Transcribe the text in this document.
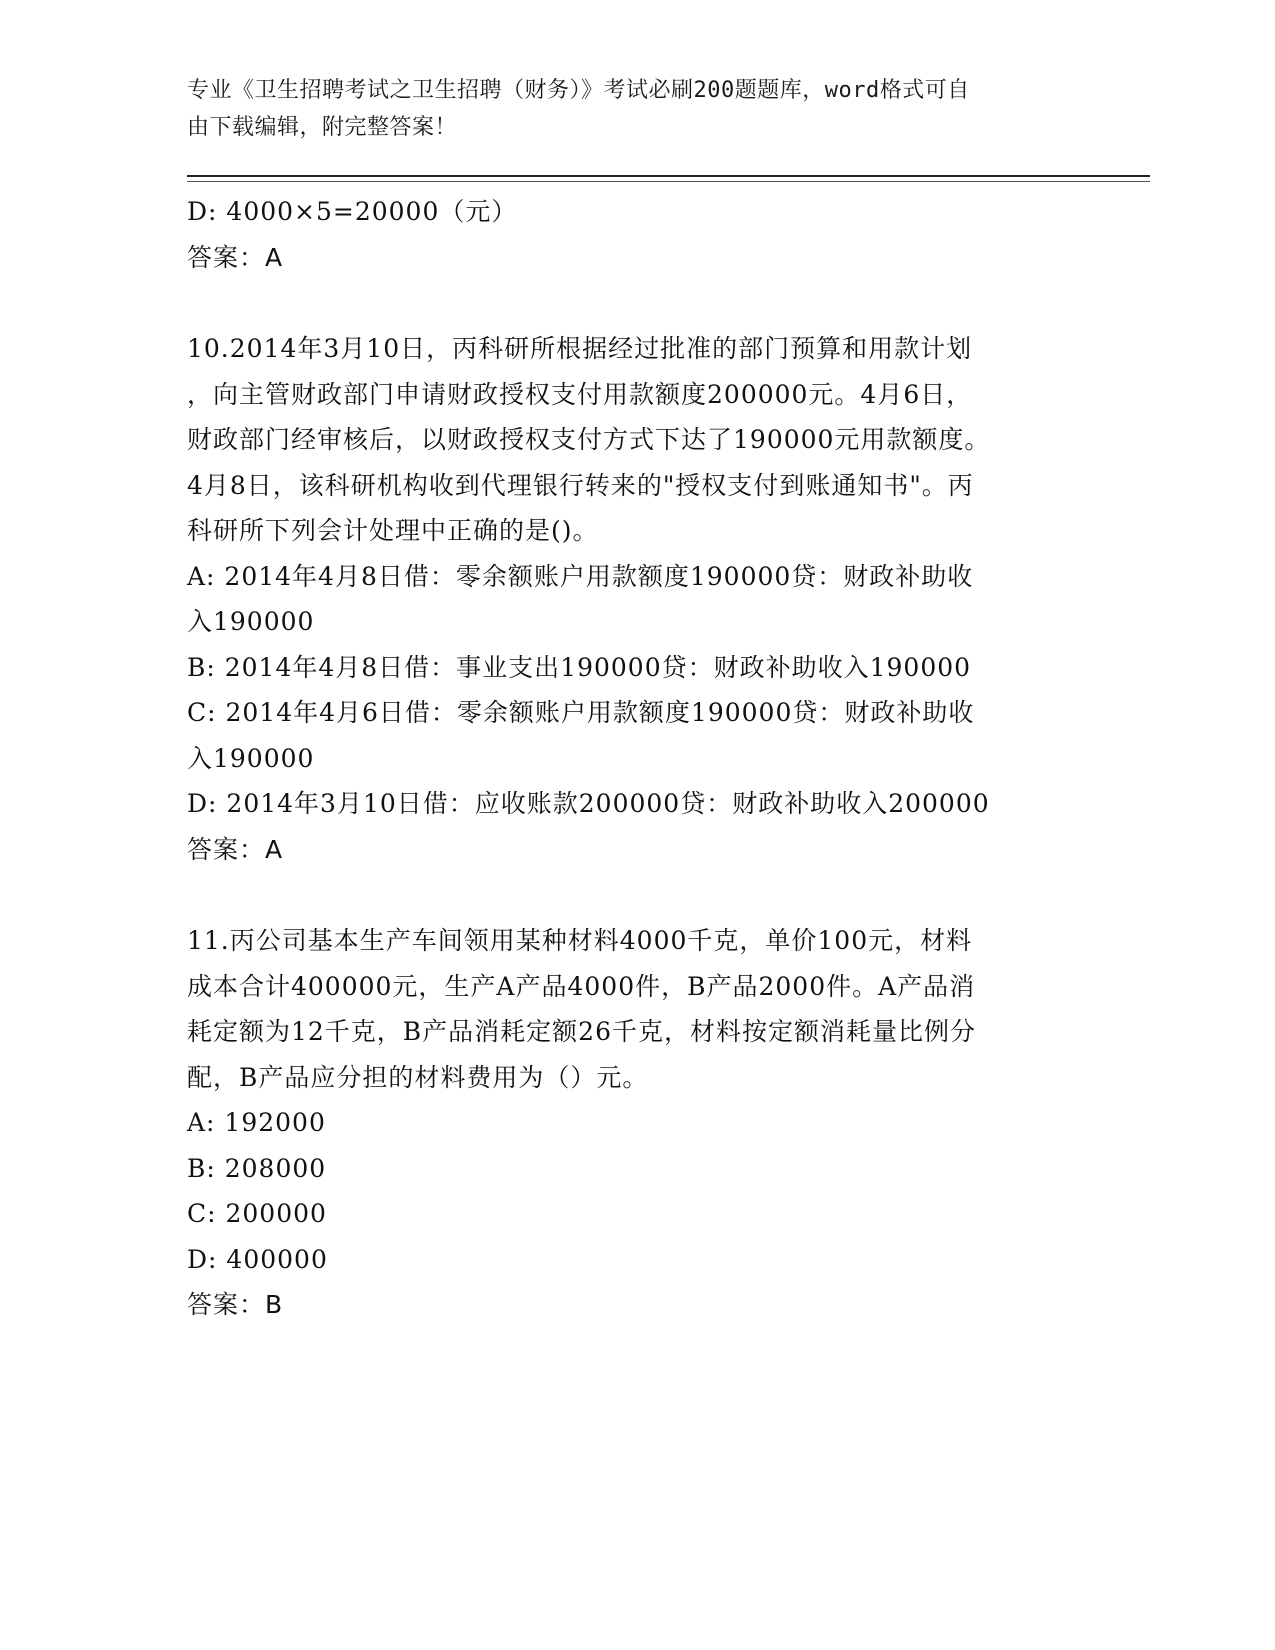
专业《卫生招聘考试之卫生招聘（财务）》考试必刷200题题库，word格式可自
由下载编辑，附完整答案！
D: 4000×5=20000（元）
答案：A
10.2014年3月10日，丙科研所根据经过批准的部门预算和用款计划
，向主管财政部门申请财政授权支付用款额度200000元。4月6日，
财政部门经审核后，以财政授权支付方式下达了190000元用款额度。
4月8日，该科研机构收到代理银行转来的"授权支付到账通知书"。丙
科研所下列会计处理中正确的是()。
A: 2014年4月8日借：零余额账户用款额度190000贷：财政补助收
入190000
B: 2014年4月8日借：事业支出190000贷：财政补助收入190000
C: 2014年4月6日借：零余额账户用款额度190000贷：财政补助收
入190000
D: 2014年3月10日借：应收账款200000贷：财政补助收入200000
答案：A
11.丙公司基本生产车间领用某种材料4000千克，单价100元，材料
成本合计400000元，生产A产品4000件，B产品2000件。A产品消
耗定额为12千克，B产品消耗定额26千克，材料按定额消耗量比例分
配，B产品应分担的材料费用为（）元。
A: 192000
B: 208000
C: 200000
D: 400000
答案：B
